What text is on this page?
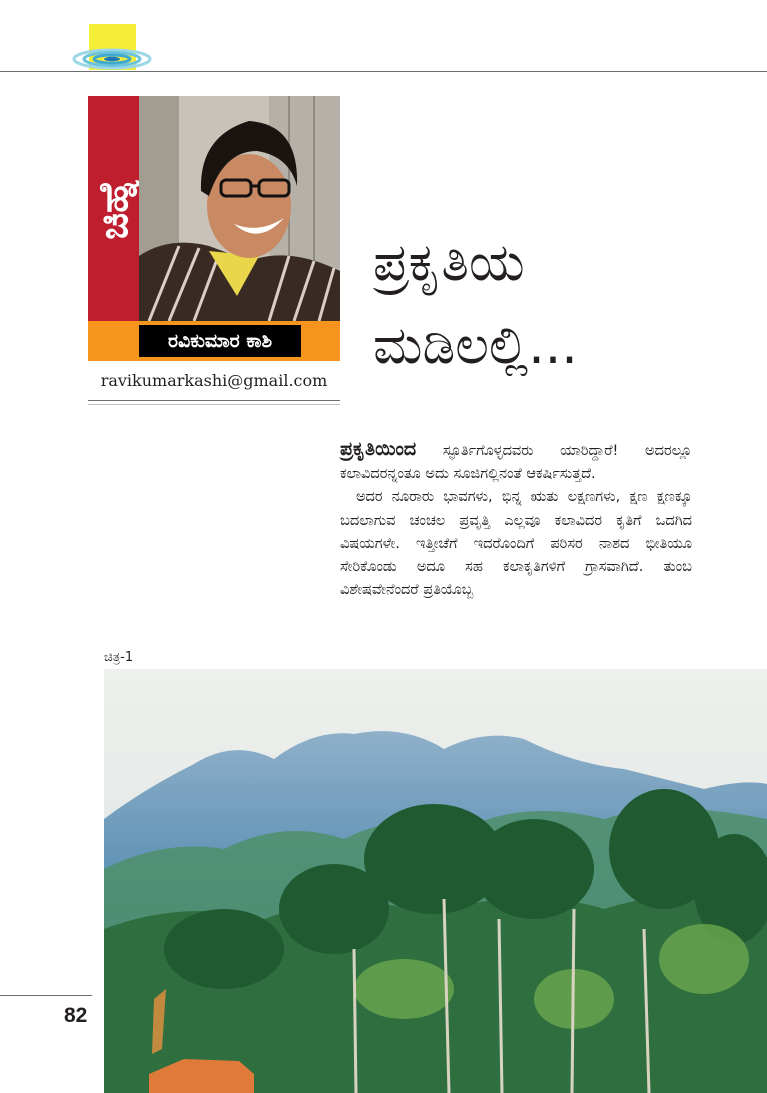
ಚಿಹ್ನೆ
ರವಿಕುಮಾರ ಕಾಶಿ
ravikumarkashi@gmail.com
ಪ್ರಕೃತಿಯ
ಮಡಿಲಲ್ಲಿ...

ಪ್ರಕೃತಿಯಿಂದ ಸ್ಫೂರ್ತಿಗೊಳ್ಳದವರು ಯಾರಿದ್ದಾರೆ! ಅದರಲ್ಲೂ ಕಲಾವಿದರನ್ನಂತೂ ಅದು ಸೂಜಿಗಲ್ಲಿನಂತೆ ಆಕರ್ಷಿಸುತ್ತದೆ.

ಅದರ ನೂರಾರು ಭಾವಗಳು, ಭಿನ್ನ ಋತು ಲಕ್ಷಣಗಳು, ಕ್ಷಣ ಕ್ಷಣಕ್ಕೂ ಬದಲಾಗುವ ಚಂಚಲ ಪ್ರವೃತ್ತಿ ಎಲ್ಲವೂ ಕಲಾವಿದರ ಕೃತಿಗೆ ಒದಗಿದ ವಿಷಯಗಳೇ. ಇತ್ತೀಚೆಗೆ ಇದರೊಂದಿಗೆ ಪರಿಸರ ನಾಶದ ಭೀತಿಯೂ ಸೇರಿಕೊಂಡು ಅದೂ ಸಹ ಕಲಾಕೃತಿಗಳಿಗೆ ಗ್ರಾಸವಾಗಿದೆ. ತುಂಬ ವಿಶೇಷವೇನೆಂದರೆ ಪ್ರತಿಯೊಬ್ಬ

ಚಿತ್ರ-1
82
